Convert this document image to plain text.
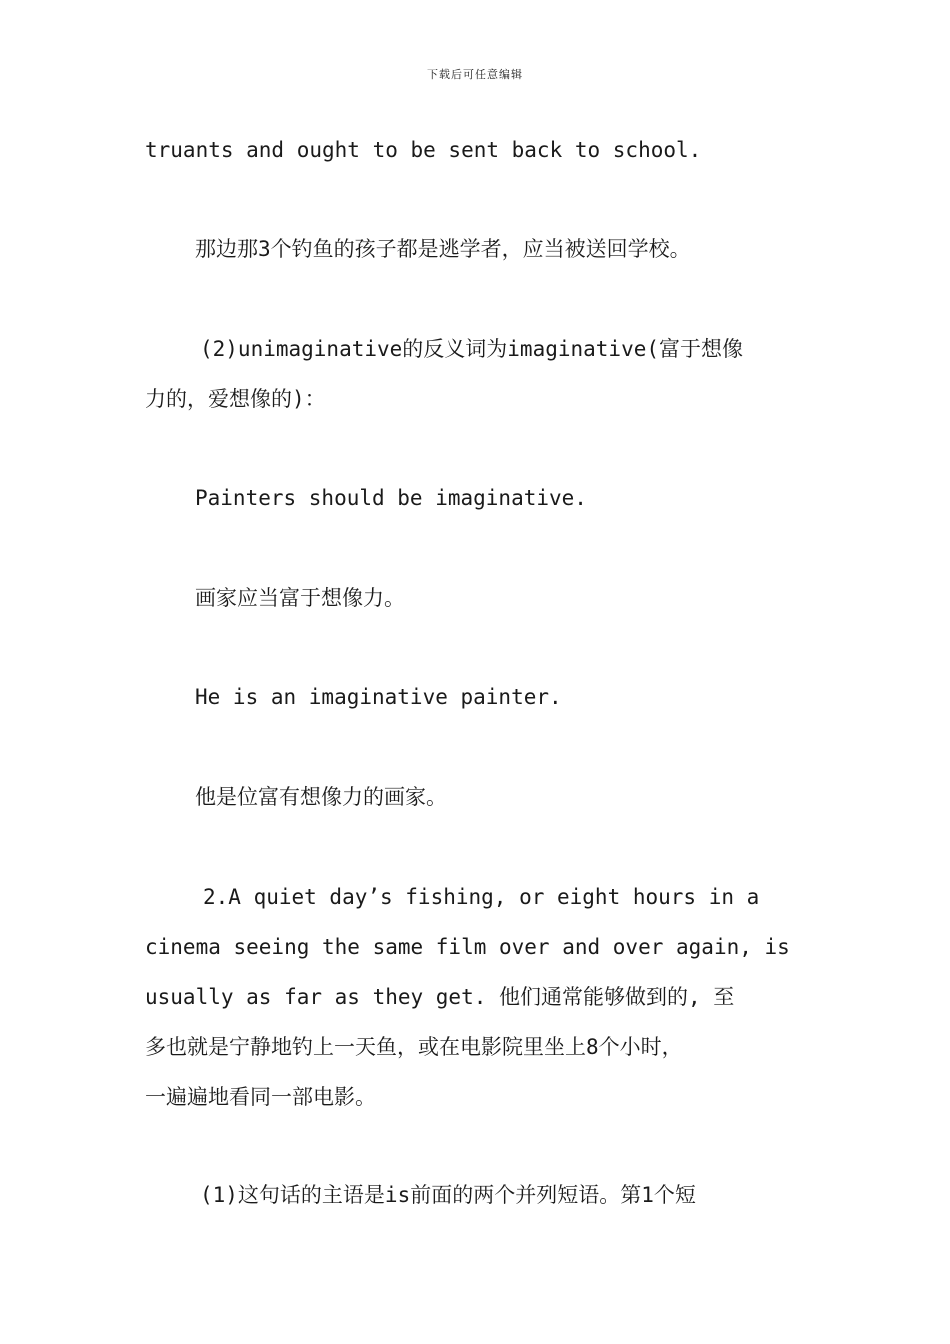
下载后可任意编辑
truants and ought to be sent back to school.
那边那3个钓鱼的孩子都是逃学者，应当被送回学校。
(2)unimaginative的反义词为imaginative(富于想像
力的，爱想像的)：
Painters should be imaginative.
画家应当富于想像力。
He is an imaginative painter.
他是位富有想像力的画家。
2.A quiet day’s fishing, or eight hours in a
cinema seeing the same film over and over again, is
usually as far as they get. 他们通常能够做到的, 至
多也就是宁静地钓上一天鱼，或在电影院里坐上8个小时，
一遍遍地看同一部电影。
(1)这句话的主语是is前面的两个并列短语。第1个短
